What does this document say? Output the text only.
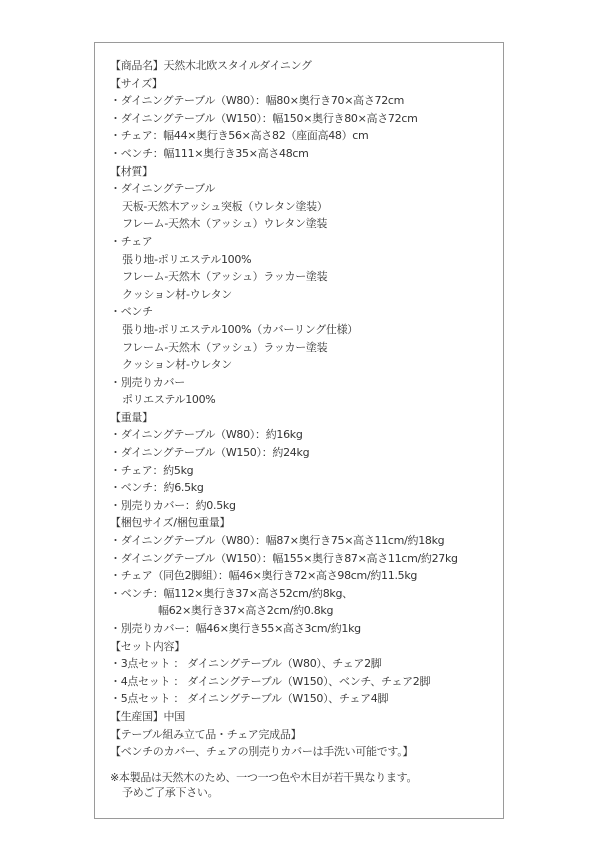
【商品名】天然木北欧スタイルダイニング
【サイズ】
・ダイニングテーブル（W80）：幅80×奥行き70×高さ72cm
・ダイニングテーブル（W150）：幅150×奥行き80×高さ72cm
・チェア：幅44×奥行き56×高さ82（座面高48）cm
・ベンチ：幅111×奥行き35×高さ48cm
【材質】
・ダイニングテーブル
天板-天然木アッシュ突板（ウレタン塗装）
フレーム-天然木（アッシュ）ウレタン塗装
・チェア
張り地-ポリエステル100%
フレーム-天然木（アッシュ）ラッカー塗装
クッション材-ウレタン
・ベンチ
張り地-ポリエステル100%（カバーリング仕様）
フレーム-天然木（アッシュ）ラッカー塗装
クッション材-ウレタン
・別売りカバー
ポリエステル100%
【重量】
・ダイニングテーブル（W80）：約16kg
・ダイニングテーブル（W150）：約24kg
・チェア：約5kg
・ベンチ：約6.5kg
・別売りカバー：約0.5kg
【梱包サイズ/梱包重量】
・ダイニングテーブル（W80）：幅87×奥行き75×高さ11cm/約18kg
・ダイニングテーブル（W150）：幅155×奥行き87×高さ11cm/約27kg
・チェア（同色2脚組）：幅46×奥行き72×高さ98cm/約11.5kg
・ベンチ：幅112×奥行き37×高さ52cm/約8kg、
幅62×奥行き37×高さ2cm/約0.8kg
・別売りカバー：幅46×奥行き55×高さ3cm/約1kg
【セット内容】
・3点セット ： ダイニングテーブル（W80）、チェア2脚
・4点セット ： ダイニングテーブル（W150）、ベンチ、チェア2脚
・5点セット ： ダイニングテーブル（W150）、チェア4脚
【生産国】中国
【テーブル組み立て品・チェア完成品】
【ベンチのカバー、チェアの別売りカバーは手洗い可能です。】
※本製品は天然木のため、一つ一つ色や木目が若干異なります。
予めご了承下さい。
